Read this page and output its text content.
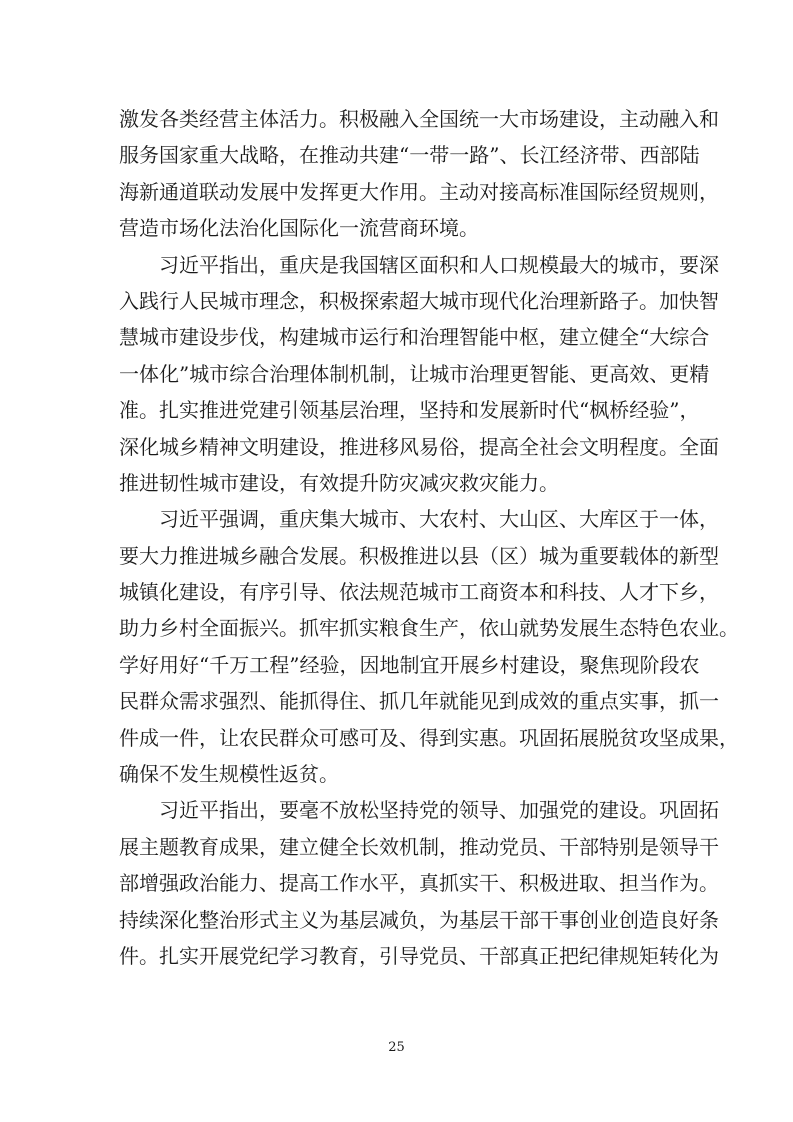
激发各类经营主体活力。积极融入全国统一大市场建设，主动融入和
服务国家重大战略，在推动共建“一带一路”、长江经济带、西部陆
海新通道联动发展中发挥更大作用。主动对接高标准国际经贸规则，
营造市场化法治化国际化一流营商环境。
习近平指出，重庆是我国辖区面积和人口规模最大的城市，要深
入践行人民城市理念，积极探索超大城市现代化治理新路子。加快智
慧城市建设步伐，构建城市运行和治理智能中枢，建立健全“大综合
一体化”城市综合治理体制机制，让城市治理更智能、更高效、更精
准。扎实推进党建引领基层治理，坚持和发展新时代“枫桥经验”，
深化城乡精神文明建设，推进移风易俗，提高全社会文明程度。全面
推进韧性城市建设，有效提升防灾减灾救灾能力。
习近平强调，重庆集大城市、大农村、大山区、大库区于一体，
要大力推进城乡融合发展。积极推进以县（区）城为重要载体的新型
城镇化建设，有序引导、依法规范城市工商资本和科技、人才下乡，
助力乡村全面振兴。抓牢抓实粮食生产，依山就势发展生态特色农业。
学好用好“千万工程”经验，因地制宜开展乡村建设，聚焦现阶段农
民群众需求强烈、能抓得住、抓几年就能见到成效的重点实事，抓一
件成一件，让农民群众可感可及、得到实惠。巩固拓展脱贫攻坚成果，
确保不发生规模性返贫。
习近平指出，要毫不放松坚持党的领导、加强党的建设。巩固拓
展主题教育成果，建立健全长效机制，推动党员、干部特别是领导干
部增强政治能力、提高工作水平，真抓实干、积极进取、担当作为。
持续深化整治形式主义为基层减负，为基层干部干事创业创造良好条
件。扎实开展党纪学习教育，引导党员、干部真正把纪律规矩转化为
25
